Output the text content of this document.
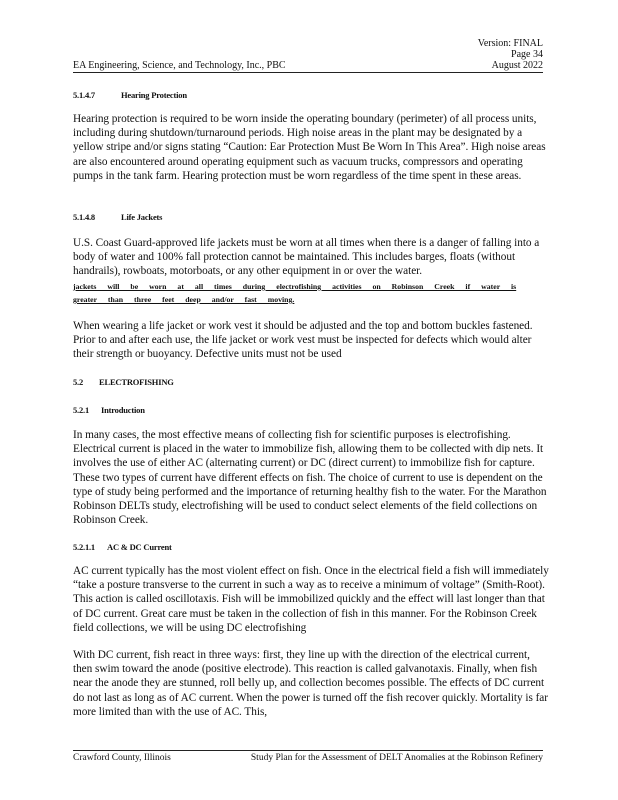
Version: FINAL
Page 34
August 2022
EA Engineering, Science, and Technology, Inc., PBC
5.1.4.7	Hearing Protection

Hearing protection is required to be worn inside the operating boundary (perimeter) of all process units, including during shutdown/turnaround periods. High noise areas in the plant may be designated by a yellow stripe and/or signs stating “Caution: Ear Protection Must Be Worn In This Area”. High noise areas are also encountered around operating equipment such as vacuum trucks, compressors and operating pumps in the tank farm. Hearing protection must be worn regardless of the time spent in these areas.

5.1.4.8	Life Jackets

U.S. Coast Guard-approved life jackets must be worn at all times when there is a danger of falling into a body of water and 100% fall protection cannot be maintained. This includes barges, floats (without handrails), rowboats, motorboats, or any other equipment in or over the water.

jackets will be worn at all times during electrofishing activities on Robinson Creek if water is greater than three feet deep and/or fast moving.

When wearing a life jacket or work vest it should be adjusted and the top and bottom buckles fastened. Prior to and after each use, the life jacket or work vest must be inspected for defects which would alter their strength or buoyancy. Defective units must not be used

5.2 ELECTROFISHING
5.2.1 Introduction

In many cases, the most effective means of collecting fish for scientific purposes is electrofishing. Electrical current is placed in the water to immobilize fish, allowing them to be collected with dip nets. It involves the use of either AC (alternating current) or DC (direct current) to immobilize fish for capture. These two types of current have different effects on fish. The choice of current to use is dependent on the type of study being performed and the importance of returning healthy fish to the water. For the Marathon Robinson DELTs study, electrofishing will be used to conduct select elements of the field collections on Robinson Creek.

5.2.1.1 AC & DC Current

AC current typically has the most violent effect on fish. Once in the electrical field a fish will immediately “take a posture transverse to the current in such a way as to receive a minimum of voltage” (Smith-Root). This action is called oscillotaxis. Fish will be immobilized quickly and the effect will last longer than that of DC current. Great care must be taken in the collection of fish in this manner. For the Robinson Creek field collections, we will be using DC electrofishing

With DC current, fish react in three ways: first, they line up with the direction of the electrical current, then swim toward the anode (positive electrode). This reaction is called galvanotaxis. Finally, when fish near the anode they are stunned, roll belly up, and collection becomes possible. The effects of DC current do not last as long as of AC current. When the power is turned off the fish recover quickly. Mortality is far more limited than with the use of AC. This,

Crawford County, Illinois	Study Plan for the Assessment of DELT Anomalies at the Robinson Refinery
